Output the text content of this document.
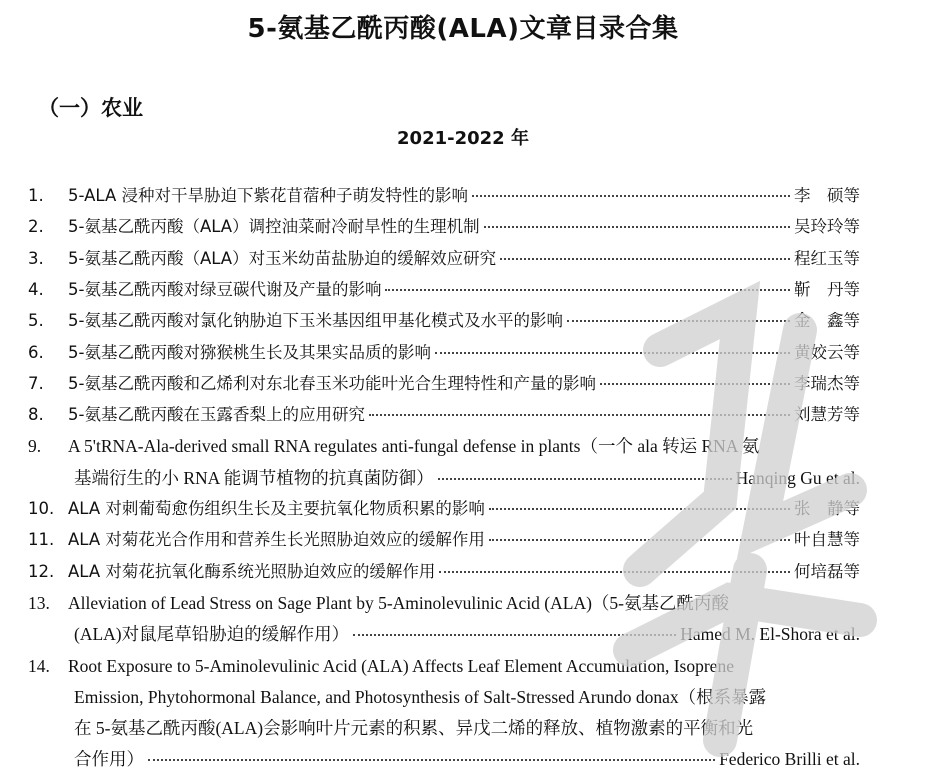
5-氨基乙酰丙酸(ALA)文章目录合集
（一）农业
2021-2022 年
1. 5-ALA 浸种对干旱胁迫下紫花苜蓿种子萌发特性的影响	李　硕等
2. 5-氨基乙酰丙酸（ALA）调控油菜耐冷耐旱性的生理机制	吴玲玲等
3. 5-氨基乙酰丙酸（ALA）对玉米幼苗盐胁迫的缓解效应研究	程红玉等
4. 5-氨基乙酰丙酸对绿豆碳代谢及产量的影响	靳　丹等
5. 5-氨基乙酰丙酸对氯化钠胁迫下玉米基因组甲基化模式及水平的影响	金　鑫等
6. 5-氨基乙酰丙酸对猕猴桃生长及其果实品质的影响	黄姣云等
7. 5-氨基乙酰丙酸和乙烯利对东北春玉米功能叶光合生理特性和产量的影响	李瑞杰等
8. 5-氨基乙酰丙酸在玉露香梨上的应用研究	刘慧芳等
9. A 5'tRNA-Ala-derived small RNA regulates anti-fungal defense in plants（一个 ala 转运 RNA 氨
基端衍生的小 RNA 能调节植物的抗真菌防御）	Hanqing Gu et al.
10. ALA 对刺葡萄愈伤组织生长及主要抗氧化物质积累的影响	张　静等
11. ALA 对菊花光合作用和营养生长光照胁迫效应的缓解作用	叶自慧等
12. ALA 对菊花抗氧化酶系统光照胁迫效应的缓解作用	何培磊等
13. Alleviation of Lead Stress on Sage Plant by 5-Aminolevulinic Acid (ALA)（5-氨基乙酰丙酸
(ALA)对鼠尾草铅胁迫的缓解作用）	Hamed M. El-Shora et al.
14. Root Exposure to 5-Aminolevulinic Acid (ALA) Affects Leaf Element Accumulation, Isoprene
Emission, Phytohormonal Balance, and Photosynthesis of Salt-Stressed Arundo donax（根系暴露
在 5-氨基乙酰丙酸(ALA)会影响叶片元素的积累、异戊二烯的释放、植物激素的平衡和光
合作用）	Federico Brilli et al.
